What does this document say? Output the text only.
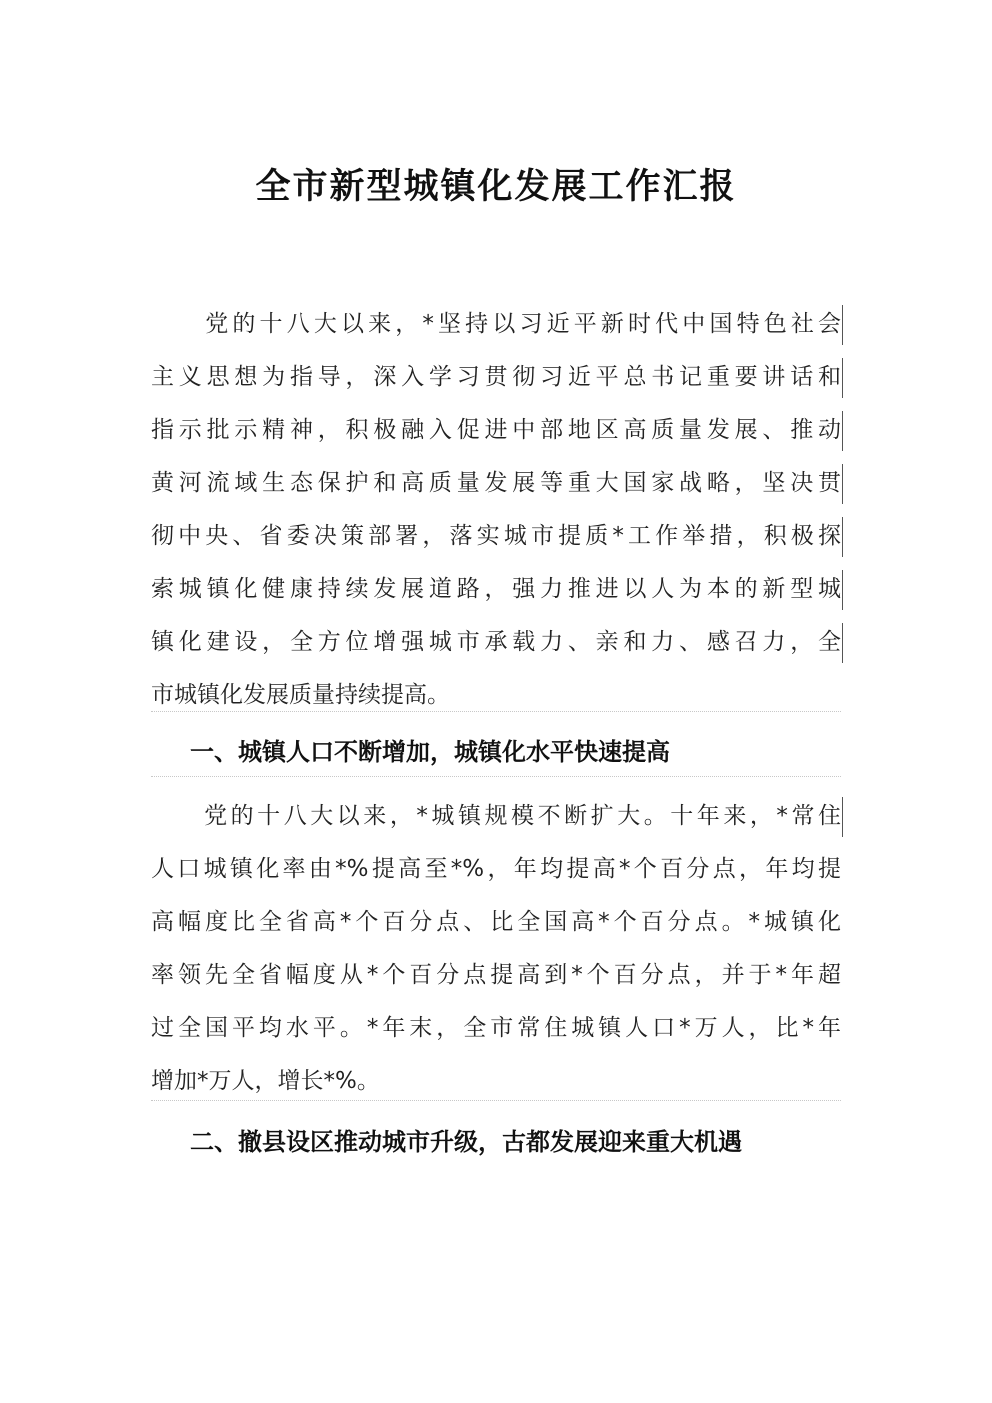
全市新型城镇化发展工作汇报
　　党的十八大以来，*坚持以习近平新时代中国特色社会
主义思想为指导，深入学习贯彻习近平总书记重要讲话和
指示批示精神，积极融入促进中部地区高质量发展、推动
黄河流域生态保护和高质量发展等重大国家战略，坚决贯
彻中央、省委决策部署，落实城市提质*工作举措，积极探
索城镇化健康持续发展道路，强力推进以人为本的新型城
镇化建设，全方位增强城市承载力、亲和力、感召力，全
市城镇化发展质量持续提高。
一、城镇人口不断增加，城镇化水平快速提高
　　党的十八大以来，*城镇规模不断扩大。十年来，*常住
人口城镇化率由*%提高至*%，年均提高*个百分点，年均提
高幅度比全省高*个百分点、比全国高*个百分点。*城镇化
率领先全省幅度从*个百分点提高到*个百分点，并于*年超
过全国平均水平。*年末，全市常住城镇人口*万人，比*年
增加*万人，增长*%。
二、撤县设区推动城市升级，古都发展迎来重大机遇
